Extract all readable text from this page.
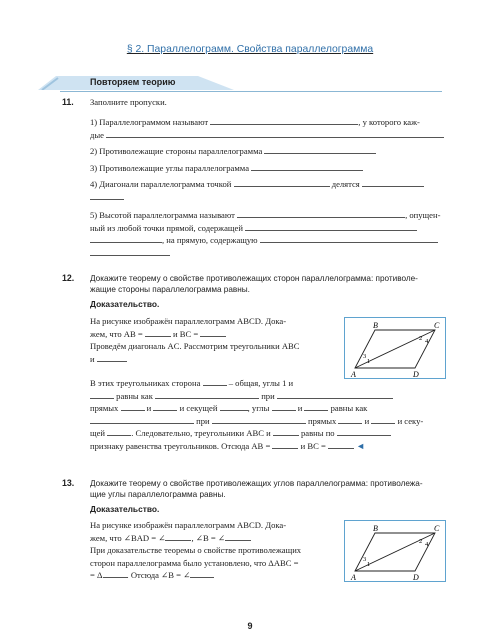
§ 2. Параллелограмм. Свойства параллелограмма
Повторяем теорию
11. Заполните пропуски.
1) Параллелограммом называют	, у которого каж-
дые
2) Противолежащие стороны параллелограмма
3) Противолежащие углы параллелограмма
4) Диагонали параллелограмма точкой	делятся

5) Высотой параллелограмма называют	, опущен-
ный из любой точки прямой, содержащей
, на прямую, содержащую

12. Докажите теорему о свойстве противолежащих сторон параллелограмма: противоле-
жащие стороны параллелограмма равны.
Доказательство.
На рисунке изображён параллелограмм ABCD. Дока-
жем, что AB =	и BC =
Проведём диагональ AC. Рассмотрим треугольники ABC
и
B	C
A	D
1
2
3
4
В этих треугольниках сторона	– общая, углы 1 и
равны как	при
прямых	и	и секущей	, углы	и	равны как
при	прямых	и	и секу-
щей	. Следовательно, треугольники ABC и	равны по
признаку равенства треугольников. Отсюда AB =	и BC =	◄
13. Докажите теорему о свойстве противолежащих углов параллелограмма: противолежа-
щие углы параллелограмма равны.
Доказательство.
На рисунке изображён параллелограмм ABCD. Дока-
жем, что ∠BAD = ∠	, ∠B = ∠
При доказательстве теоремы о свойстве противолежащих
сторон параллелограмма было установлено, что ΔABC =
= Δ	. Отсюда ∠B = ∠
B	C
A	D
1
2
3
4
9
